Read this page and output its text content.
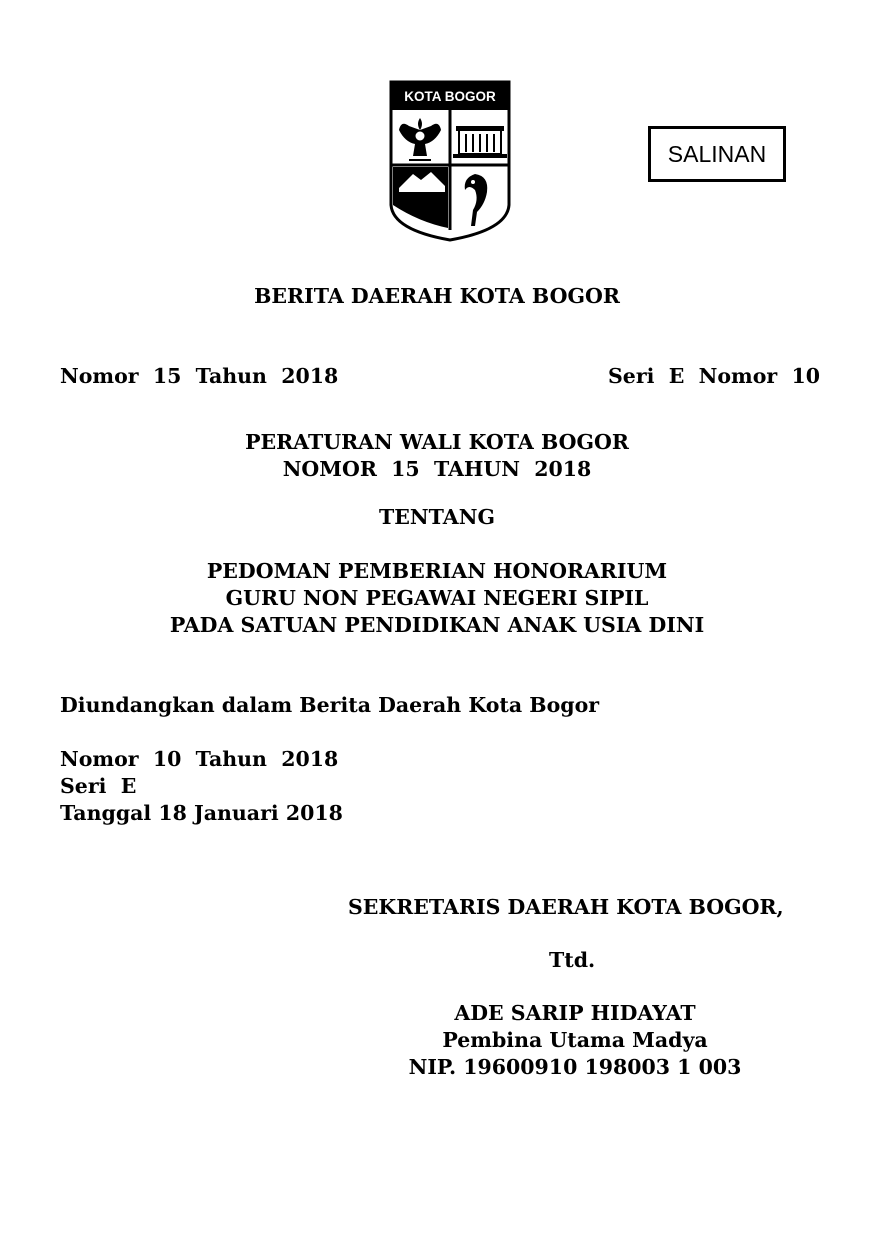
KOTA BOGOR
SALINAN
BERITA DAERAH KOTA BOGOR
Nomor  15  Tahun  2018	Seri  E  Nomor  10
PERATURAN WALI KOTA BOGOR
NOMOR  15  TAHUN  2018
TENTANG
PEDOMAN PEMBERIAN HONORARIUM
GURU NON PEGAWAI NEGERI SIPIL
PADA SATUAN PENDIDIKAN ANAK USIA DINI
Diundangkan dalam Berita Daerah Kota Bogor
Nomor  10  Tahun  2018
Seri  E
Tanggal 18 Januari 2018
SEKRETARIS DAERAH KOTA BOGOR,
Ttd.
ADE SARIP HIDAYAT
Pembina Utama Madya
NIP. 19600910 198003 1 003
